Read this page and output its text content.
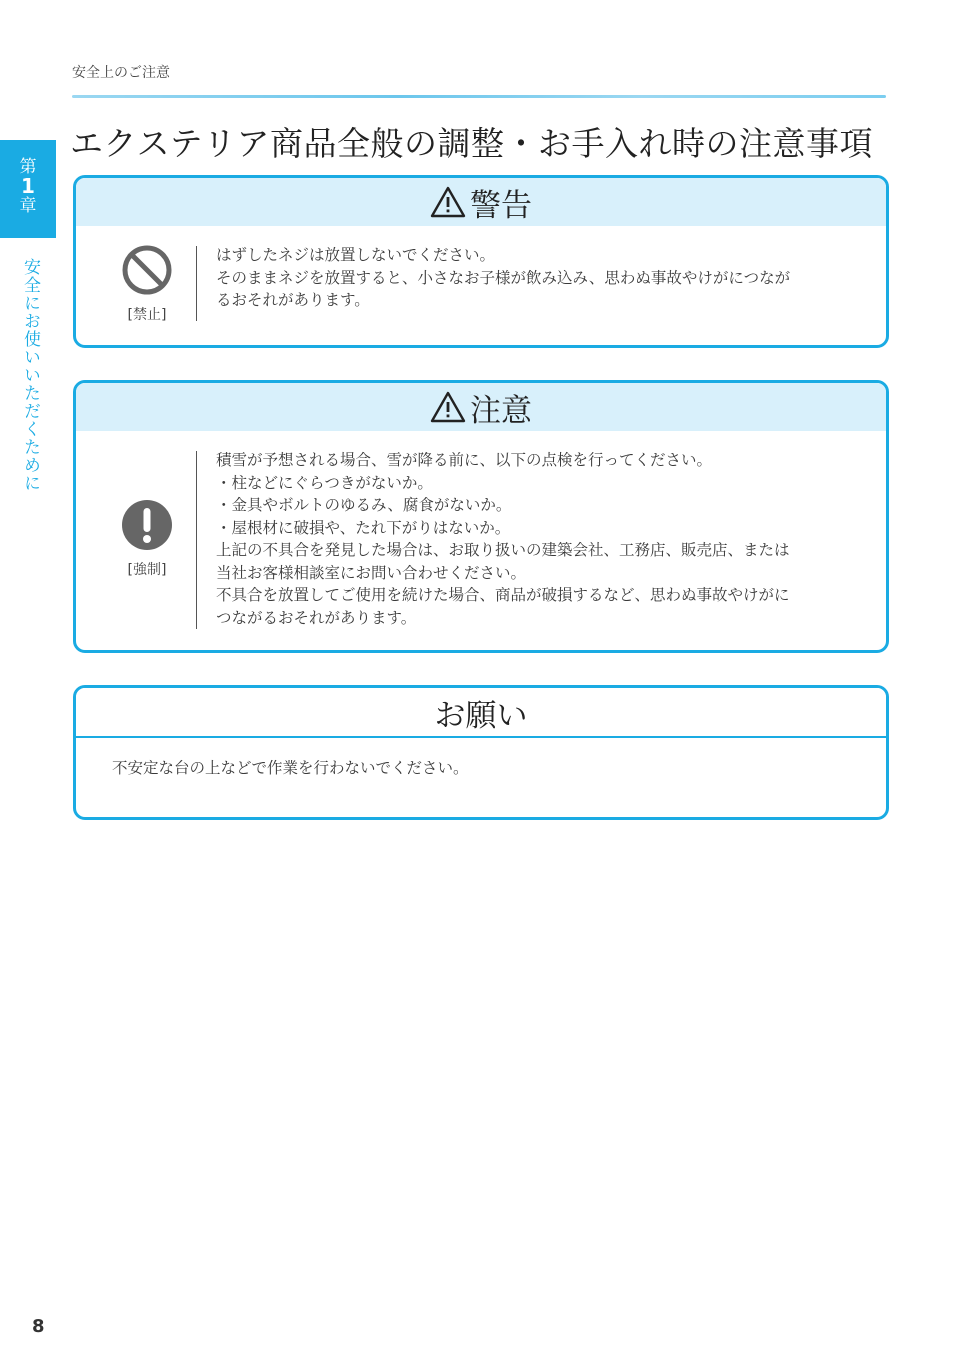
安全上のご注意
エクステリア商品全般の調整・お手入れ時の注意事項
第
1
章
安全にお使いいただくために
警告
[禁止]

はずしたネジは放置しないでください。

そのままネジを放置すると、小さなお子様が飲み込み、思わぬ事故やけがにつなが

るおそれがあります。

注意
[強制]

積雪が予想される場合、雪が降る前に、以下の点検を行ってください。

・柱などにぐらつきがないか。

・金具やボルトのゆるみ、腐食がないか。

・屋根材に破損や、たれ下がりはないか。

上記の不具合を発見した場合は、お取り扱いの建築会社、工務店、販売店、または

当社お客様相談室にお問い合わせください。

不具合を放置してご使用を続けた場合、商品が破損するなど、思わぬ事故やけがに

つながるおそれがあります。

お願い
不安定な台の上などで作業を行わないでください。
8
